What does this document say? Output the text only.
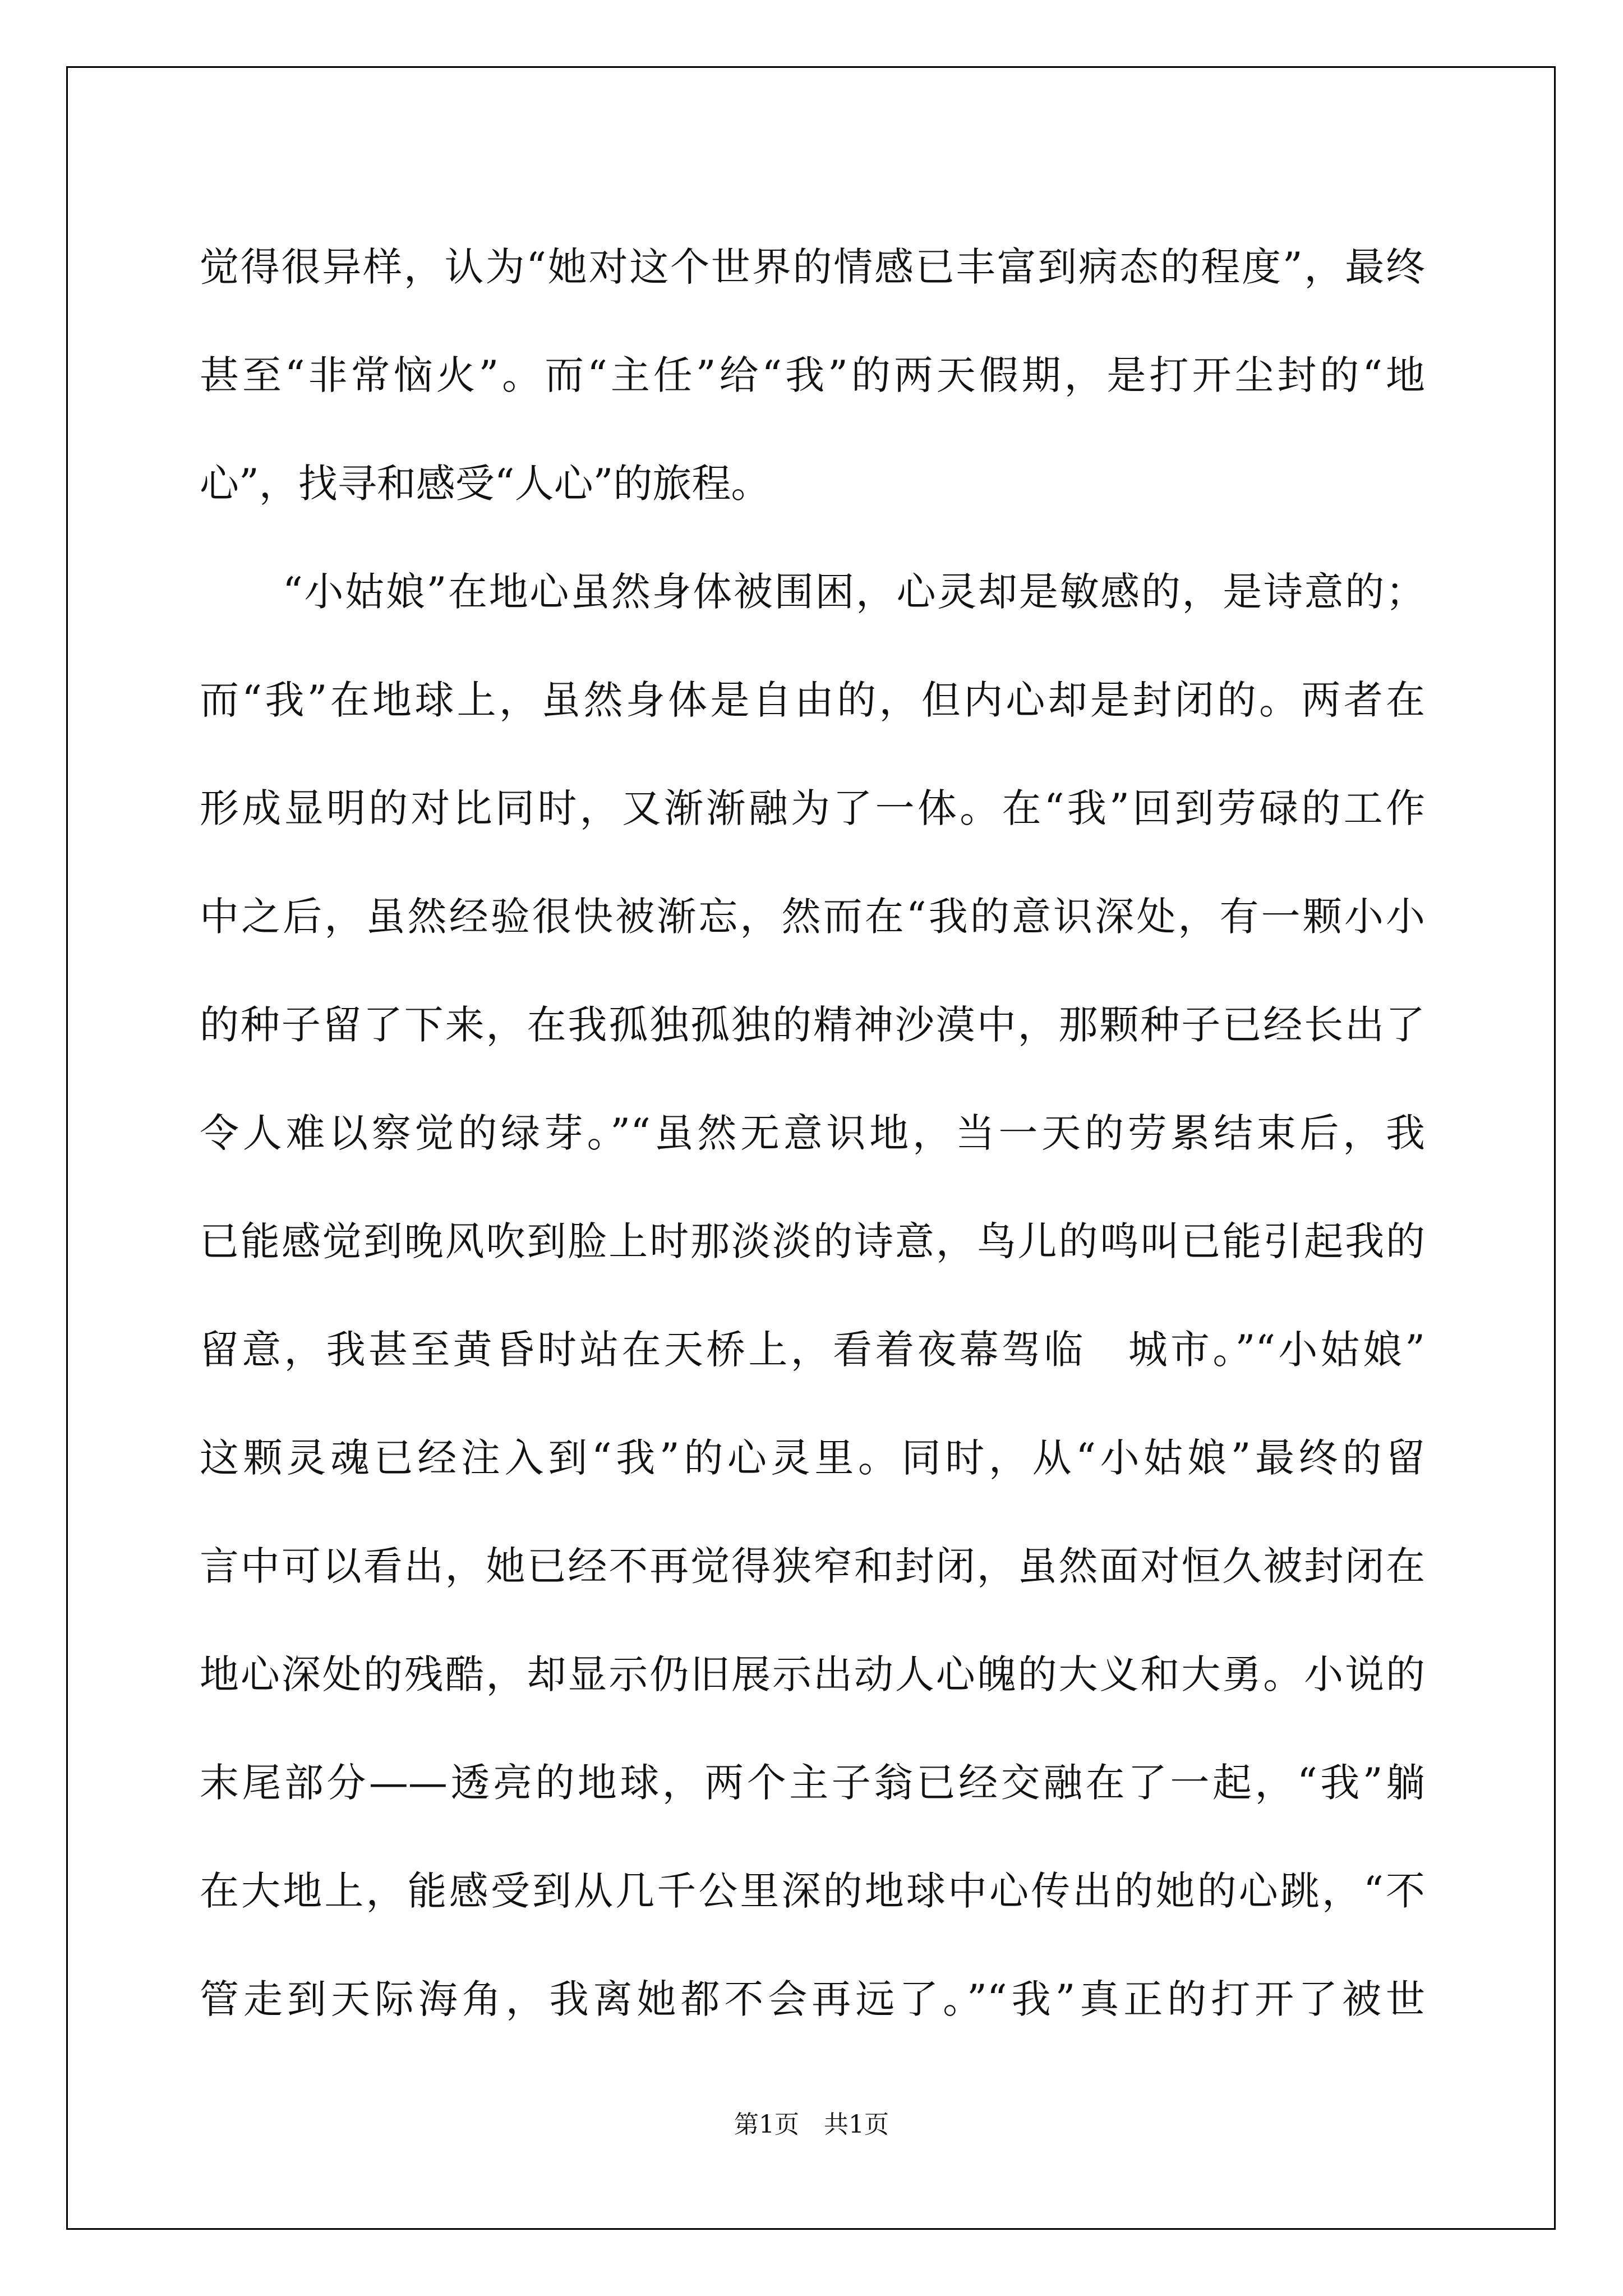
觉得很异样，认为“她对这个世界的情感已丰富到病态的程度”，最终
甚至“非常恼火”。而“主任”给“我”的两天假期，是打开尘封的“地
心”，找寻和感受“人心”的旅程。
“小姑娘”在地心虽然身体被围困，心灵却是敏感的，是诗意的；
而“我”在地球上，虽然身体是自由的，但内心却是封闭的。两者在
形成显明的对比同时，又渐渐融为了一体。在“我”回到劳碌的工作
中之后，虽然经验很快被渐忘，然而在“我的意识深处，有一颗小小
的种子留了下来，在我孤独孤独的精神沙漠中，那颗种子已经长出了
令人难以察觉的绿芽。”“虽然无意识地，当一天的劳累结束后，我
已能感觉到晚风吹到脸上时那淡淡的诗意，鸟儿的鸣叫已能引起我的
留意，我甚至黄昏时站在天桥上，看着夜幕驾临　城市。”“小姑娘”
这颗灵魂已经注入到“我”的心灵里。同时，从“小姑娘”最终的留
言中可以看出，她已经不再觉得狭窄和封闭，虽然面对恒久被封闭在
地心深处的残酷，却显示仍旧展示出动人心魄的大义和大勇。小说的
末尾部分——透亮的地球，两个主子翁已经交融在了一起，“我”躺
在大地上，能感受到从几千公里深的地球中心传出的她的心跳，“不
管走到天际海角，我离她都不会再远了。”“我”真正的打开了被世
第1页　共1页
